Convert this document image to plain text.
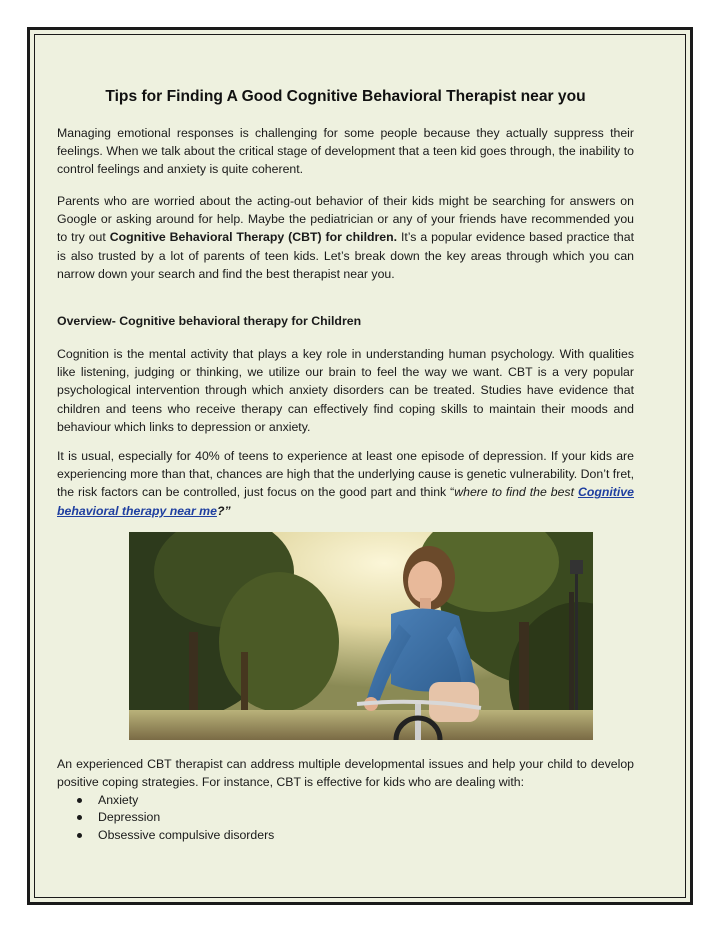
Tips for Finding A Good Cognitive Behavioral Therapist near you

Managing emotional responses is challenging for some people because they actually suppress their feelings. When we talk about the critical stage of development that a teen kid goes through, the inability to control feelings and anxiety is quite coherent.

Parents who are worried about the acting-out behavior of their kids might be searching for answers on Google or asking around for help. Maybe the pediatrician or any of your friends have recommended you to try out Cognitive Behavioral Therapy (CBT) for children. It’s a popular evidence based practice that is also trusted by a lot of parents of teen kids. Let’s break down the key areas through which you can narrow down your search and find the best therapist near you.

Overview- Cognitive behavioral therapy for Children

Cognition is the mental activity that plays a key role in understanding human psychology. With qualities like listening, judging or thinking, we utilize our brain to feel the way we want. CBT is a very popular psychological intervention through which anxiety disorders can be treated. Studies have evidence that children and teens who receive therapy can effectively find coping skills to maintain their moods and behaviour which links to depression or anxiety.

It is usual, especially for 40% of teens to experience at least one episode of depression. If your kids are experiencing more than that, chances are high that the underlying cause is genetic vulnerability. Don’t fret, the risk factors can be controlled, just focus on the good part and think “where to find the best Cognitive behavioral therapy near me?”

An experienced CBT therapist can address multiple developmental issues and help your child to develop positive coping strategies. For instance, CBT is effective for kids who are dealing with:

Anxiety
Depression
Obsessive compulsive disorders
